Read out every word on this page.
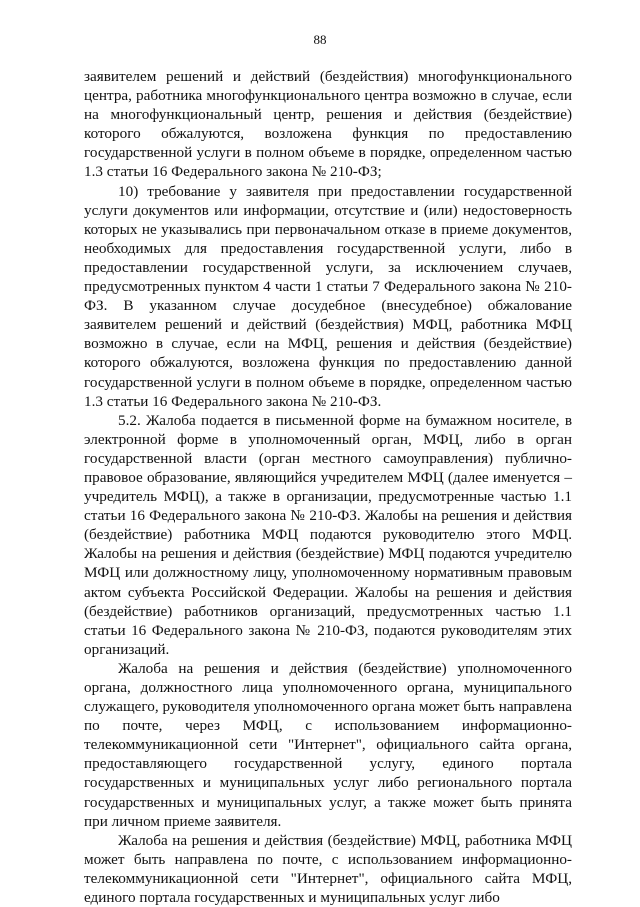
88

заявителем решений и действий (бездействия) многофункционального центра, работника многофункционального центра возможно в случае, если на многофункциональный центр, решения и действия (бездействие) которого обжалуются, возложена функция по предоставлению государственной услуги в полном объеме в порядке, определенном частью 1.3 статьи 16 Федерального закона № 210-ФЗ;

10) требование у заявителя при предоставлении государственной услуги документов или информации, отсутствие и (или) недостоверность которых не указывались при первоначальном отказе в приеме документов, необходимых для предоставления государственной услуги, либо в предоставлении государственной услуги, за исключением случаев, предусмотренных пунктом 4 части 1 статьи 7 Федерального закона № 210-ФЗ. В указанном случае досудебное (внесудебное) обжалование заявителем решений и действий (бездействия) МФЦ, работника МФЦ возможно в случае, если на МФЦ, решения и действия (бездействие) которого обжалуются, возложена функция по предоставлению данной государственной услуги в полном объеме в порядке, определенном частью 1.3 статьи 16 Федерального закона № 210-ФЗ.

5.2. Жалоба подается в письменной форме на бумажном носителе, в электронной форме в уполномоченный орган, МФЦ, либо в орган государственной власти (орган местного самоуправления) публично-правовое образование, являющийся учредителем МФЦ (далее именуется – учредитель МФЦ), а также в организации, предусмотренные частью 1.1 статьи 16 Федерального закона № 210-ФЗ. Жалобы на решения и действия (бездействие) работника МФЦ подаются руководителю этого МФЦ. Жалобы на решения и действия (бездействие) МФЦ подаются учредителю МФЦ или должностному лицу, уполномоченному нормативным правовым актом субъекта Российской Федерации. Жалобы на решения и действия (бездействие) работников организаций, предусмотренных частью 1.1 статьи 16 Федерального закона № 210-ФЗ, подаются руководителям этих организаций.

Жалоба на решения и действия (бездействие) уполномоченного органа, должностного лица уполномоченного органа, муниципального служащего, руководителя уполномоченного органа может быть направлена по почте, через МФЦ, с использованием информационно-телекоммуникационной сети "Интернет", официального сайта органа, предоставляющего государственной услугу, единого портала государственных и муниципальных услуг либо регионального портала государственных и муниципальных услуг, а также может быть принята при личном приеме заявителя.

Жалоба на решения и действия (бездействие) МФЦ, работника МФЦ может быть направлена по почте, с использованием информационно-телекоммуникационной сети "Интернет", официального сайта МФЦ, единого портала государственных и муниципальных услуг либо
